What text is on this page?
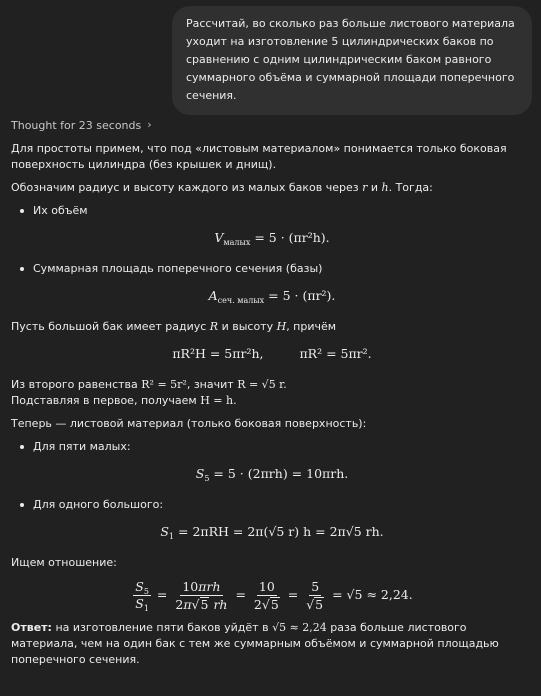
Рассчитай, во сколько раз больше листового материала уходит на изготовление 5 цилиндрических баков по сравнению с одним цилиндрическим баком равного суммарного объёма и суммарной площади поперечного сечения.
Thought for 23 seconds ›

Для простоты примем, что под «листовым материалом» понимается только боковая поверхность цилиндра (без крышек и днищ).

Обозначим радиус и высоту каждого из малых баков через r и h. Тогда:

Их объём
$V_{малых} = 5 \cdot (\pi r^2h)$.
Суммарная площадь поперечного сечения (базы)
$A_{сеч. малых} = 5 \cdot (\pi r^2)$.

Пусть большой бак имеет радиус R и высоту H, причём

πR²H = 5πr²h,	πR² = 5πr².

Из второго равенства R² = 5r², значит R = √5 r.

Подставляя в первое, получаем H = h.

Теперь — листовой материал (только боковая поверхность):

Для пяти малых:
$S_5 = 5 \cdot (2\pi rh) = 10\pi rh$.
Для одного большого:
$S_1 = 2\pi RH = 2\pi(√5$ r) h = 2π√5 rh.

Ищем отношение:

$\frac{S_5}{S_1} = \frac{\text{10πrh}}{2\pi√5 rh} = \frac{10}{2√5} = \frac{5}{√5} = √5 \approx 2,24$.

Ответ: на изготовление пяти баков уйдёт в √5 ≈ 2,24 раза больше листового материала, чем на один бак с тем же суммарным объёмом и суммарной площадью поперечного сечения.
